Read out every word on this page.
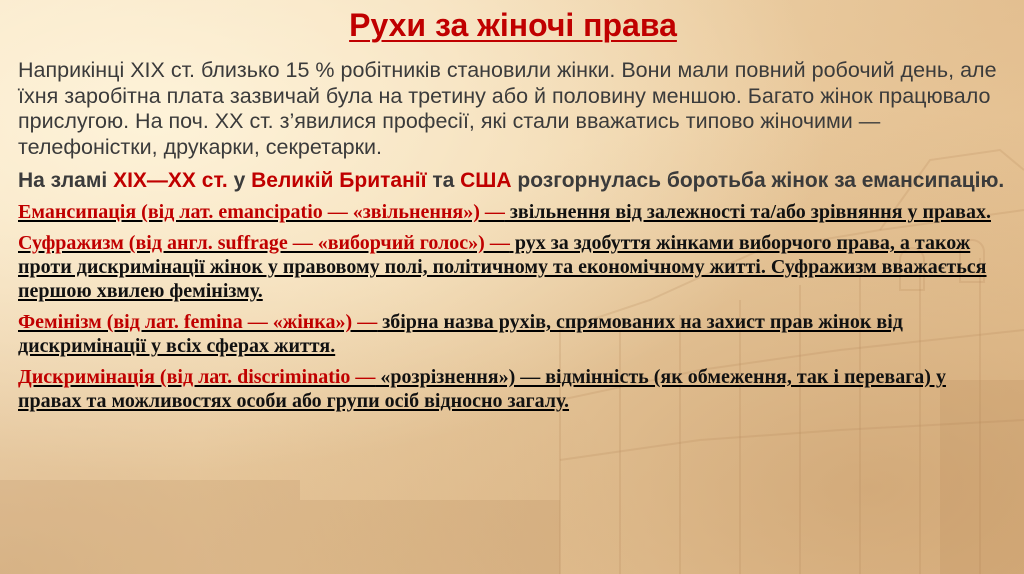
Рухи за жіночі права

Наприкінці XIX ст. близько 15 % робітників становили жінки. Вони мали повний робочий день, але їхня заробітна плата зазвичай була на третину або й половину меншою. Багато жінок працювало прислугою. На поч. XX ст. з’явилися професії, які стали вважатись типово жіночими — телефоністки, друкарки, секретарки.

На зламі XIX—XX ст. у Великій Британії та США розгорнулась боротьба жінок за емансипацію.

Емансипація (від лат. emancipatio — «звільнення») — звільнення від залежності та/або зрівняння у правах.

Суфражизм (від англ. suffrage — «виборчий голос») — рух за здобуття жінками виборчого права, а також проти дискримінації жінок у правовому полі, політичному та економічному житті. Суфражизм вважається першою хвилею фемінізму.

Фемінізм (від лат. femina — «жінка») — збірна назва рухів, спрямованих на захист прав жінок від дискримінації у всіх сферах життя.

Дискримінація (від лат. discriminatio — «розрізнення») — відмінність (як обмеження, так і перевага) у правах та можливостях особи або групи осіб відносно загалу.
